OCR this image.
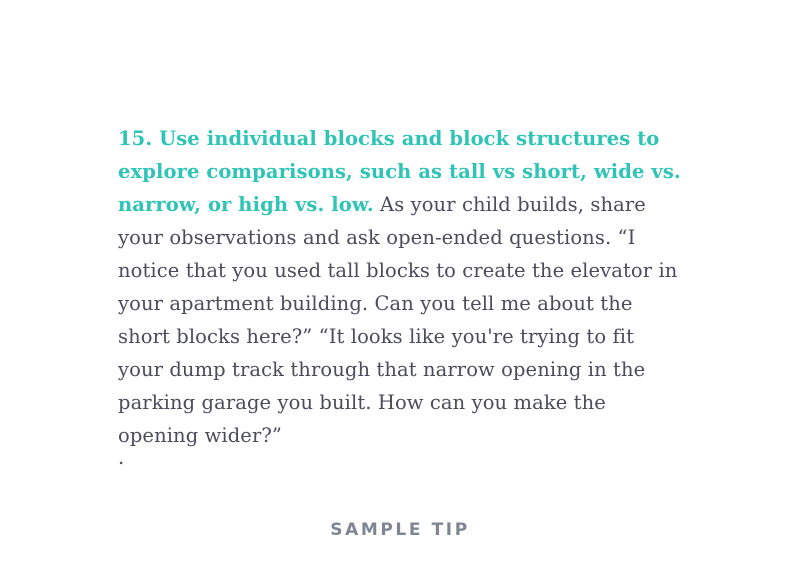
15. Use individual blocks and block structures to explore comparisons, such as tall vs short, wide vs. narrow, or high vs. low. As your child builds, share your observations and ask open-ended questions. “I notice that you used tall blocks to create the elevator in your apartment building. Can you tell me about the short blocks here?” “It looks like you're trying to fit your dump track through that narrow opening in the parking garage you built. How can you make the opening wider?”

.
SAMPLE TIP
